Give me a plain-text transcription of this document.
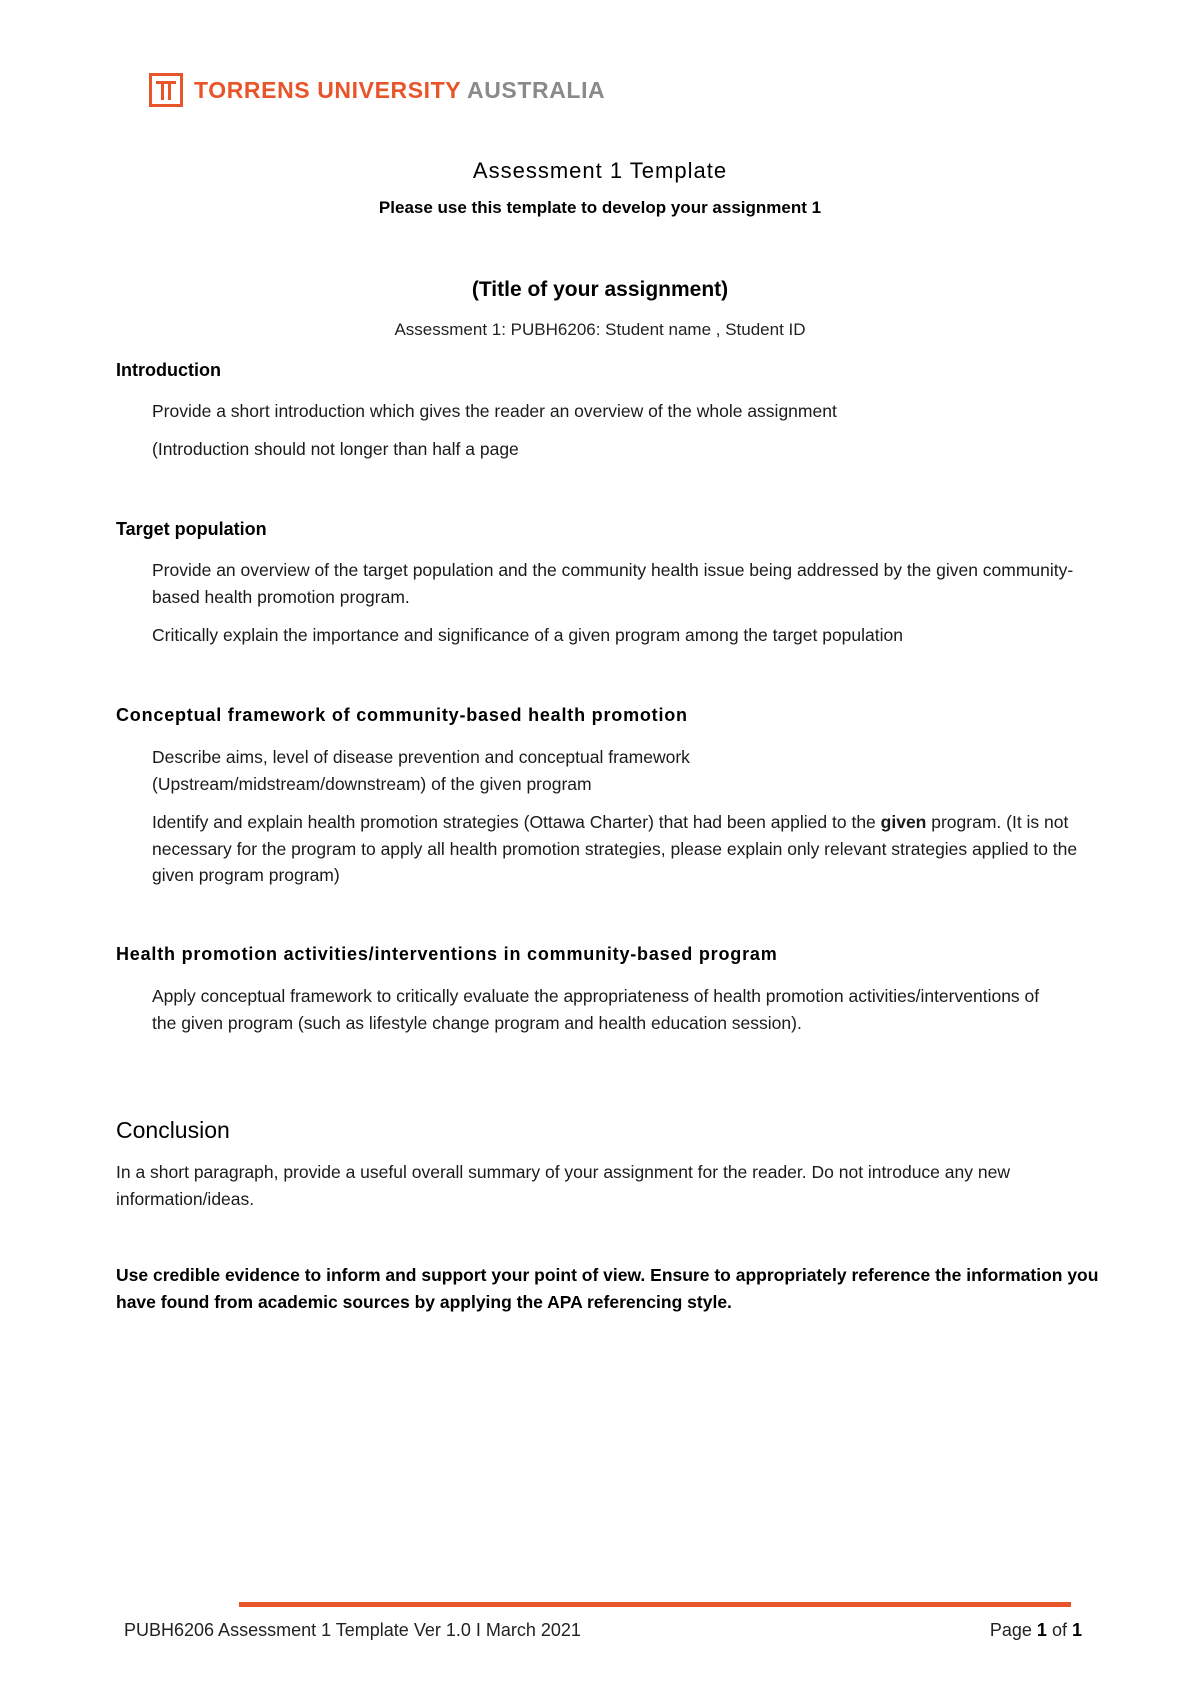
TORRENS UNIVERSITY AUSTRALIA
Assessment 1 Template
Please use this template to develop your assignment 1
(Title of your assignment)
Assessment 1: PUBH6206: Student name , Student ID
Introduction
Provide a short introduction which gives the reader an overview of the whole assignment
(Introduction should not longer than half a page
Target population
Provide an overview of the target population and the community health issue being addressed by the given community-based health promotion program.
Critically explain the importance and significance of a given program among the target population
Conceptual framework of community-based health promotion
Describe aims, level of disease prevention and conceptual framework (Upstream/midstream/downstream) of the given program
Identify and explain health promotion strategies (Ottawa Charter) that had been applied to the given program. (It is not necessary for the program to apply all health promotion strategies, please explain only relevant strategies applied to the given program program)
Health promotion activities/interventions in community-based program
Apply conceptual framework to critically evaluate the appropriateness of health promotion activities/interventions of the given program (such as lifestyle change program and health education session).
Conclusion
In a short paragraph, provide a useful overall summary of your assignment for the reader. Do not introduce any new information/ideas.
Use credible evidence to inform and support your point of view. Ensure to appropriately reference the information you have found from academic sources by applying the APA referencing style.
PUBH6206 Assessment 1 Template Ver 1.0 I March 2021	Page 1 of 1
